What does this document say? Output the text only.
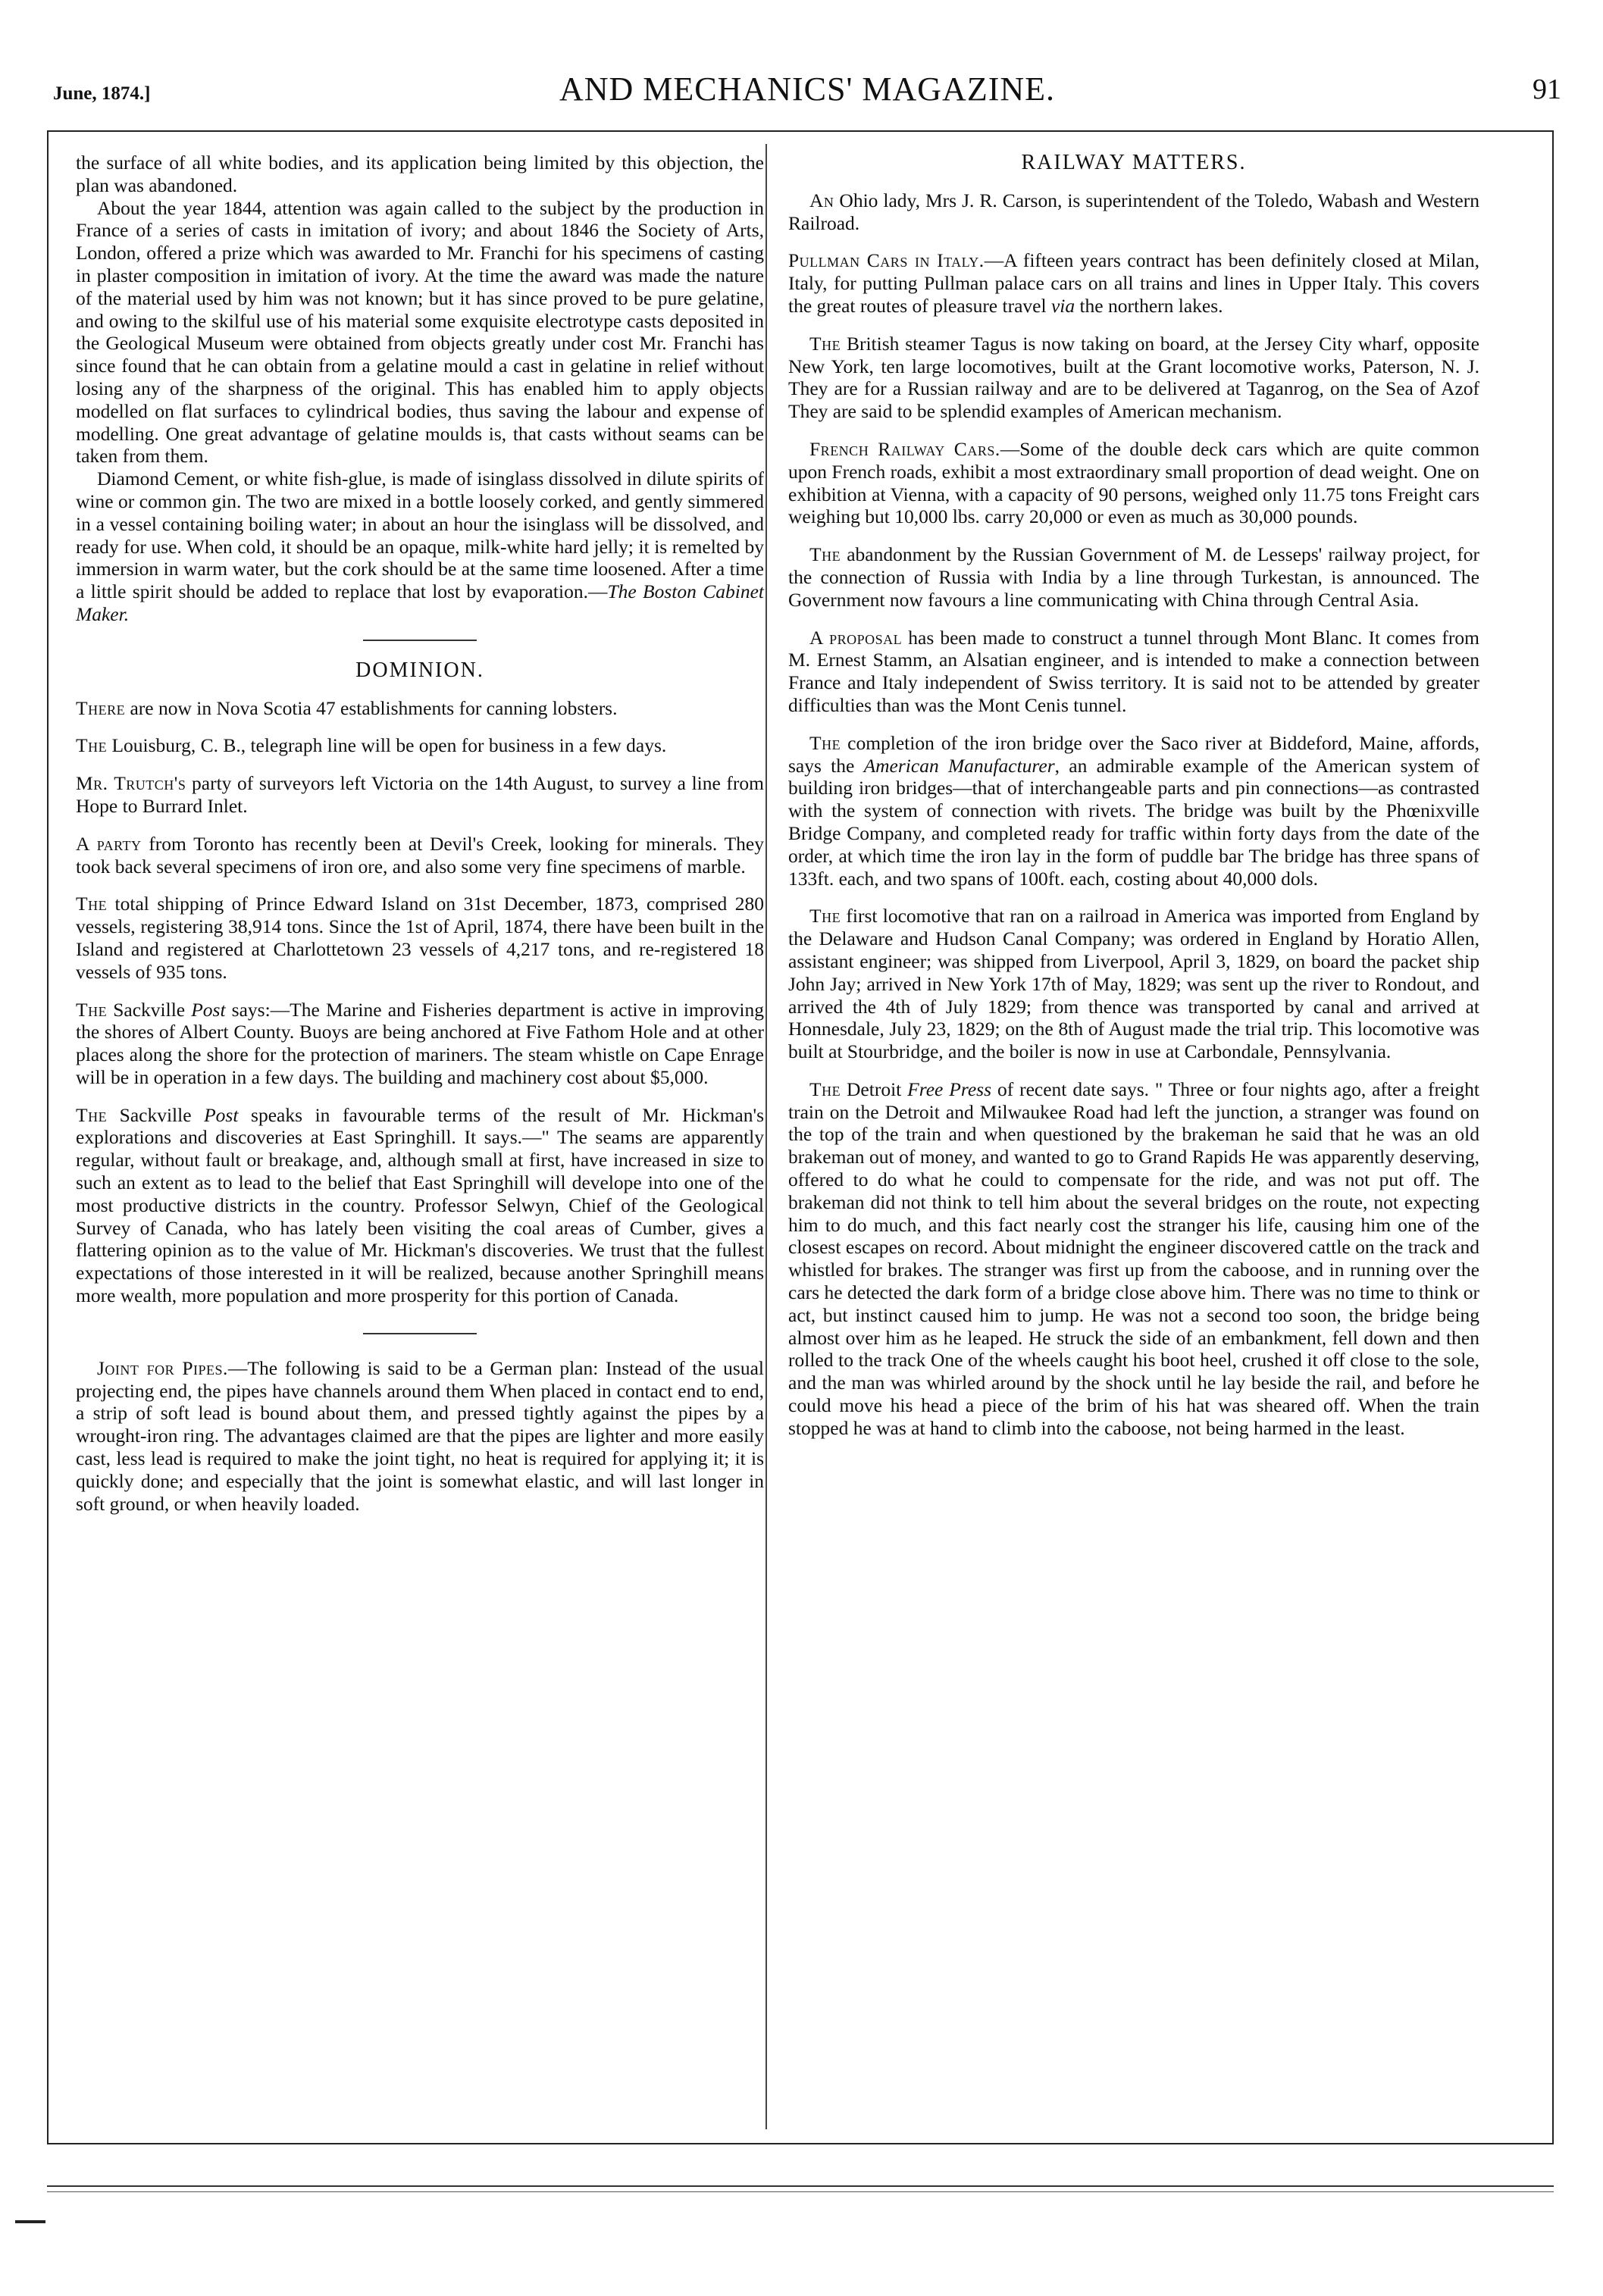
June, 1874.]	AND MECHANICS' MAGAZINE.	91

the surface of all white bodies, and its application being limited by this objection, the plan was abandoned.

About the year 1844, attention was again called to the subject by the production in France of a series of casts in imitation of ivory; and about 1846 the Society of Arts, London, offered a prize which was awarded to Mr. Franchi for his specimens of casting in plaster composition in imitation of ivory. At the time the award was made the nature of the material used by him was not known; but it has since proved to be pure gelatine, and owing to the skilful use of his material some exquisite electrotype casts deposited in the Geological Museum were obtained from objects greatly under cost Mr. Franchi has since found that he can obtain from a gelatine mould a cast in gelatine in relief without losing any of the sharpness of the original. This has enabled him to apply objects modelled on flat surfaces to cylindrical bodies, thus saving the labour and expense of modelling. One great advantage of gelatine moulds is, that casts without seams can be taken from them.

Diamond Cement, or white fish-glue, is made of isinglass dissolved in dilute spirits of wine or common gin. The two are mixed in a bottle loosely corked, and gently simmered in a vessel containing boiling water; in about an hour the isinglass will be dissolved, and ready for use. When cold, it should be an opaque, milk-white hard jelly; it is remelted by immersion in warm water, but the cork should be at the same time loosened. After a time a little spirit should be added to replace that lost by evaporation.—The Boston Cabinet Maker.

DOMINION.

There are now in Nova Scotia 47 establishments for canning lobsters.

The Louisburg, C. B., telegraph line will be open for business in a few days.

Mr. Trutch's party of surveyors left Victoria on the 14th August, to survey a line from Hope to Burrard Inlet.

A party from Toronto has recently been at Devil's Creek, looking for minerals. They took back several specimens of iron ore, and also some very fine specimens of marble.

The total shipping of Prince Edward Island on 31st December, 1873, comprised 280 vessels, registering 38,914 tons. Since the 1st of April, 1874, there have been built in the Island and registered at Charlottetown 23 vessels of 4,217 tons, and re-registered 18 vessels of 935 tons.

The Sackville Post says:—The Marine and Fisheries department is active in improving the shores of Albert County. Buoys are being anchored at Five Fathom Hole and at other places along the shore for the protection of mariners. The steam whistle on Cape Enrage will be in operation in a few days. The building and machinery cost about $5,000.

The Sackville Post speaks in favourable terms of the result of Mr. Hickman's explorations and discoveries at East Springhill. It says.—" The seams are apparently regular, without fault or breakage, and, although small at first, have increased in size to such an extent as to lead to the belief that East Springhill will develope into one of the most productive districts in the country. Professor Selwyn, Chief of the Geological Survey of Canada, who has lately been visiting the coal areas of Cumber, gives a flattering opinion as to the value of Mr. Hickman's discoveries. We trust that the fullest expectations of those interested in it will be realized, because another Springhill means more wealth, more population and more prosperity for this portion of Canada.

Joint for Pipes.—The following is said to be a German plan: Instead of the usual projecting end, the pipes have channels around them When placed in contact end to end, a strip of soft lead is bound about them, and pressed tightly against the pipes by a wrought-iron ring. The advantages claimed are that the pipes are lighter and more easily cast, less lead is required to make the joint tight, no heat is required for applying it; it is quickly done; and especially that the joint is somewhat elastic, and will last longer in soft ground, or when heavily loaded.

RAILWAY MATTERS.

An Ohio lady, Mrs J. R. Carson, is superintendent of the Toledo, Wabash and Western Railroad.

Pullman Cars in Italy.—A fifteen years contract has been definitely closed at Milan, Italy, for putting Pullman palace cars on all trains and lines in Upper Italy. This covers the great routes of pleasure travel via the northern lakes.

The British steamer Tagus is now taking on board, at the Jersey City wharf, opposite New York, ten large locomotives, built at the Grant locomotive works, Paterson, N. J. They are for a Russian railway and are to be delivered at Taganrog, on the Sea of Azof They are said to be splendid examples of American mechanism.

French Railway Cars.—Some of the double deck cars which are quite common upon French roads, exhibit a most extraordinary small proportion of dead weight. One on exhibition at Vienna, with a capacity of 90 persons, weighed only 11.75 tons Freight cars weighing but 10,000 lbs. carry 20,000 or even as much as 30,000 pounds.

The abandonment by the Russian Government of M. de Lesseps' railway project, for the connection of Russia with India by a line through Turkestan, is announced. The Government now favours a line communicating with China through Central Asia.

A proposal has been made to construct a tunnel through Mont Blanc. It comes from M. Ernest Stamm, an Alsatian engineer, and is intended to make a connection between France and Italy independent of Swiss territory. It is said not to be attended by greater difficulties than was the Mont Cenis tunnel.

The completion of the iron bridge over the Saco river at Biddeford, Maine, affords, says the American Manufacturer, an admirable example of the American system of building iron bridges—that of interchangeable parts and pin connections—as contrasted with the system of connection with rivets. The bridge was built by the Phœnixville Bridge Company, and completed ready for traffic within forty days from the date of the order, at which time the iron lay in the form of puddle bar The bridge has three spans of 133ft. each, and two spans of 100ft. each, costing about 40,000 dols.

The first locomotive that ran on a railroad in America was imported from England by the Delaware and Hudson Canal Company; was ordered in England by Horatio Allen, assistant engineer; was shipped from Liverpool, April 3, 1829, on board the packet ship John Jay; arrived in New York 17th of May, 1829; was sent up the river to Rondout, and arrived the 4th of July 1829; from thence was transported by canal and arrived at Honnesdale, July 23, 1829; on the 8th of August made the trial trip. This locomotive was built at Stourbridge, and the boiler is now in use at Carbondale, Pennsylvania.

The Detroit Free Press of recent date says. " Three or four nights ago, after a freight train on the Detroit and Milwaukee Road had left the junction, a stranger was found on the top of the train and when questioned by the brakeman he said that he was an old brakeman out of money, and wanted to go to Grand Rapids He was apparently deserving, offered to do what he could to compensate for the ride, and was not put off. The brakeman did not think to tell him about the several bridges on the route, not expecting him to do much, and this fact nearly cost the stranger his life, causing him one of the closest escapes on record. About midnight the engineer discovered cattle on the track and whistled for brakes. The stranger was first up from the caboose, and in running over the cars he detected the dark form of a bridge close above him. There was no time to think or act, but instinct caused him to jump. He was not a second too soon, the bridge being almost over him as he leaped. He struck the side of an embankment, fell down and then rolled to the track One of the wheels caught his boot heel, crushed it off close to the sole, and the man was whirled around by the shock until he lay beside the rail, and before he could move his head a piece of the brim of his hat was sheared off. When the train stopped he was at hand to climb into the caboose, not being harmed in the least.
